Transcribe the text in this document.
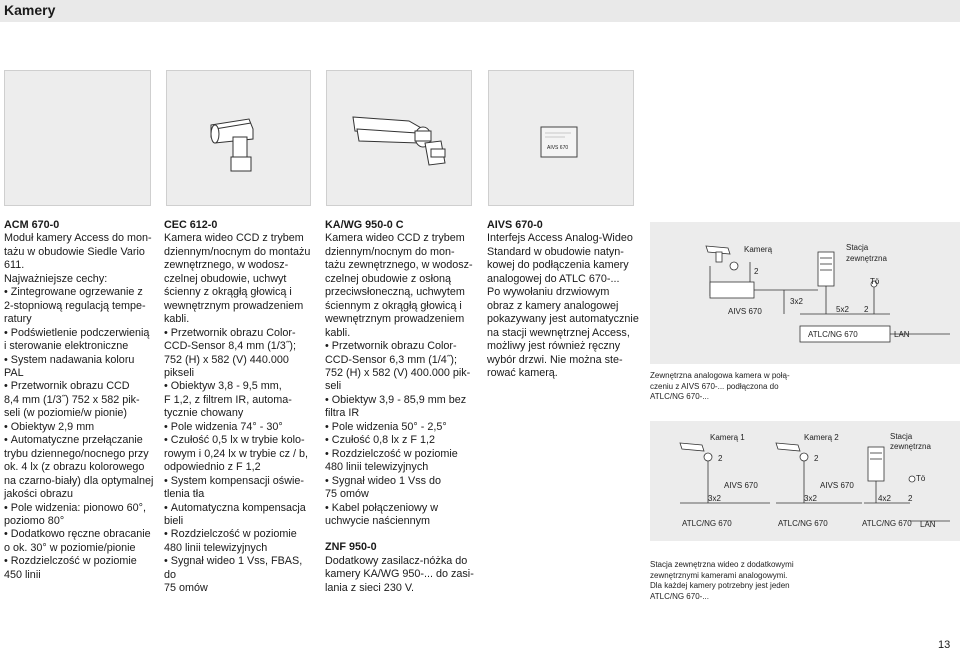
Kamery
AIVS 670
ACM 670-0

Moduł kamery Access do mon-

tażu w obudowie Siedle Vario

611.

Najważniejsze cechy:

• Zintegrowane ogrzewanie z
2-stopniową regulacją tempe-
ratury
• Podświetlenie podczerwienią
i sterowanie elektroniczne
• System nadawania koloru PAL
• Przetwornik obrazu CCD
8,4 mm (1/3˝) 752 x 582 pik-
seli (w poziomie/w pionie)
• Obiektyw 2,9 mm
• Automatyczne przełączanie
trybu dziennego/nocnego przy
ok. 4 lx (z obrazu kolorowego
na czarno-biały) dla optymalnej
jakości obrazu
• Pole widzenia: pionowo 60°,
poziomo 80°
• Dodatkowo ręczne obracanie
o ok. 30° w poziomie/pionie
• Rozdzielczość w poziomie
450 linii
CEC 612-0

Kamera wideo CCD z trybem

dziennym/nocnym do montażu

zewnętrznego, w wodosz-

czelnej obudowie, uchwyt

ścienny z okrągłą głowicą i

wewnętrznym prowadzeniem

kabli.

• Przetwornik obrazu Color-
CCD-Sensor 8,4 mm (1/3˝);
752 (H) x 582 (V) 440.000
pikseli
• Obiektyw 3,8 - 9,5 mm,
F 1,2, z filtrem IR, automa-
tycznie chowany
• Pole widzenia 74° - 30°
• Czułość 0,5 lx w trybie kolo-
rowym i 0,24 lx w trybie cz / b,
odpowiednio z F 1,2
• System kompensacji oświe-
tlenia tła
• Automatyczna kompensacja
bieli
• Rozdzielczość w poziomie
480 linii telewizyjnych
• Sygnał wideo 1 Vss, FBAS, do
75 omów
KA/WG 950-0 C

Kamera wideo CCD z trybem

dziennym/nocnym do mon-

tażu zewnętrznego, w wodosz-

czelnej obudowie z osłoną

przeciwsłoneczną, uchwytem

ściennym z okrągłą głowicą i

wewnętrznym prowadzeniem

kabli.

• Przetwornik obrazu Color-
CCD-Sensor 6,3 mm (1/4˝);
752 (H) x 582 (V) 400.000 pik-
seli
• Obiektyw 3,9 - 85,9 mm bez
filtra IR
• Pole widzenia 50° - 2,5°
• Czułość 0,8 lx z F 1,2
• Rozdzielczość w poziomie
480 linii telewizyjnych
• Sygnał wideo 1 Vss do
75 omów
• Kabel połączeniowy w
uchwycie naściennym
ZNF 950-0

Dodatkowy zasilacz-nóżka do

kamery KA/WG 950-... do zasi-

lania z sieci 230 V.

AIVS 670-0

Interfejs Access Analog-Wideo

Standard w obudowie natyn-

kowej do podłączenia kamery

analogowej do ATLC 670-...

Po wywołaniu drzwiowym

obraz z kamery analogowej

pokazywany jest automatycznie

na stacji wewnętrznej Access,

możliwy jest również ręczny

wybór drzwi. Nie można ste-

rować kamerą.

Kamerą
2
AIVS 670
3x2
Stacja
zewnętrzna
Tö
5x2 2
ATLC/NG 670	LAN
Zewnętrzna analogowa kamera w połą-
czeniu z AIVS 670-... podłączona do
ATLC/NG 670-...
Kamerą 1	Kamerą 2	Stacja
zewnętrzna
2	2
Tö
AIVS 670	AIVS 670
3x2	3x2	4x2 2
ATLC/NG 670	ATLC/NG 670	ATLC/NG 670 LAN
Stacja zewnętrzna wideo z dodatkowymi
zewnętrznymi kamerami analogowymi.
Dla każdej kamery potrzebny jest jeden
ATLC/NG 670-...
13
